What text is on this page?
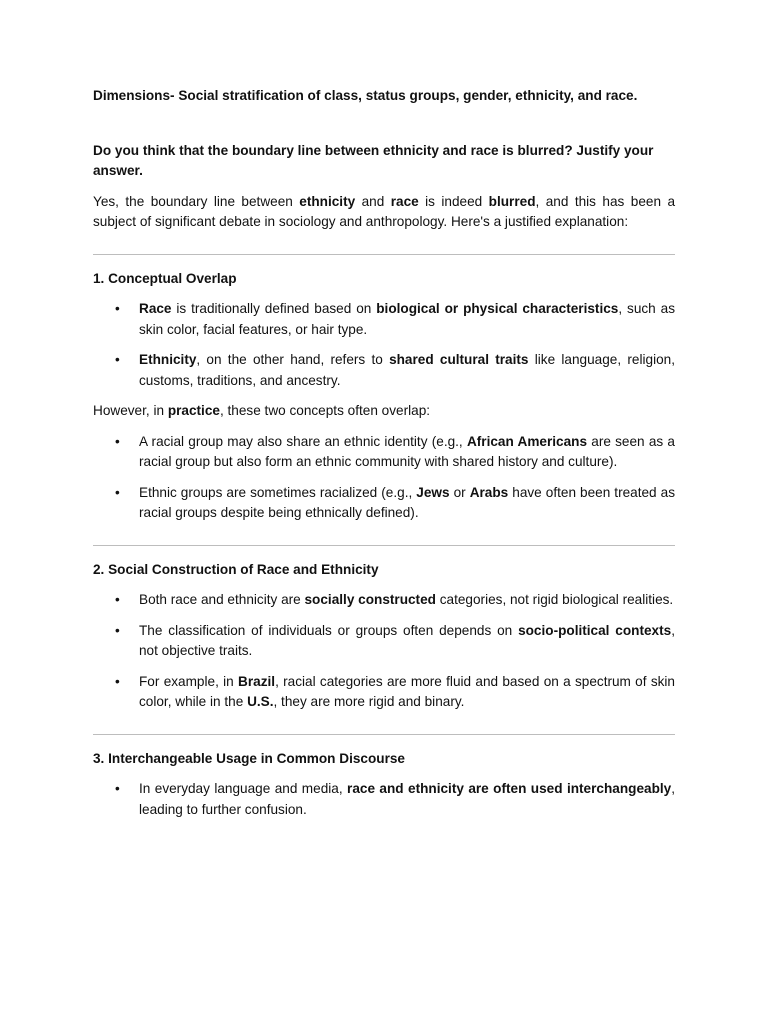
Dimensions- Social stratification of class, status groups, gender, ethnicity, and race.

Do you think that the boundary line between ethnicity and race is blurred? Justify your answer.

Yes, the boundary line between ethnicity and race is indeed blurred, and this has been a subject of significant debate in sociology and anthropology. Here's a justified explanation:

1. Conceptual Overlap

• Race is traditionally defined based on biological or physical characteristics, such as skin color, facial features, or hair type.
• Ethnicity, on the other hand, refers to shared cultural traits like language, religion, customs, traditions, and ancestry.

However, in practice, these two concepts often overlap:

• A racial group may also share an ethnic identity (e.g., African Americans are seen as a racial group but also form an ethnic community with shared history and culture).
• Ethnic groups are sometimes racialized (e.g., Jews or Arabs have often been treated as racial groups despite being ethnically defined).

2. Social Construction of Race and Ethnicity

• Both race and ethnicity are socially constructed categories, not rigid biological realities.
• The classification of individuals or groups often depends on socio-political contexts, not objective traits.
• For example, in Brazil, racial categories are more fluid and based on a spectrum of skin color, while in the U.S., they are more rigid and binary.

3. Interchangeable Usage in Common Discourse

• In everyday language and media, race and ethnicity are often used interchangeably, leading to further confusion.
